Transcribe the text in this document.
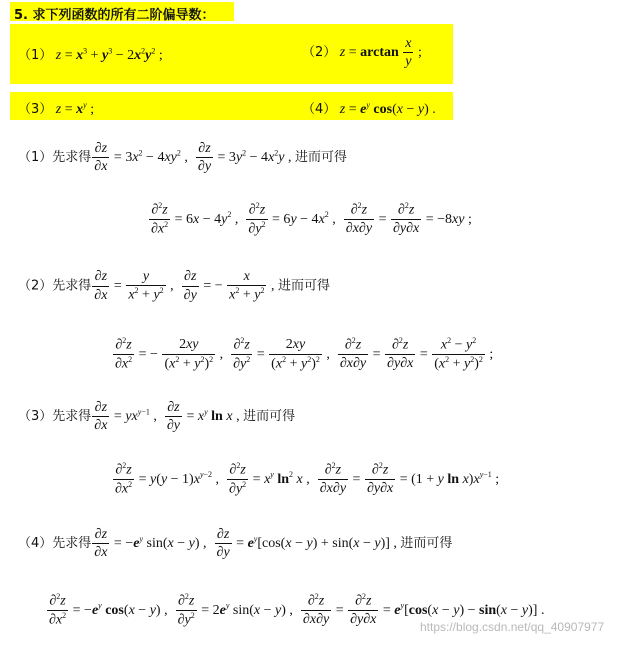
5. 求下列函数的所有二阶偏导数：
（1） $z = x^3 + y^3 - 2x^2y^2$ ;	（2） $z = \arctan \frac{x}{y}$ ;
（3） $z = x^y$ ;	（4） $z = e^y$ cos(x − y) .
（1）先求得 $\frac{\partial z}{\partial x} = 3x^2 - 4xy^2$ , $\frac{\partial z}{\partial y} = 3y^2 - 4x^2y$ , 进而可得
$\frac{\partial^2z}{\partial x^2} = 6x - 4y^2$ , $\frac{\partial^2z}{\partial y^2} = 6y - 4x^2$ , $\frac{\partial^2z}{\partial x\partial y} = \frac{\partial^2z}{\partial y\partial x} = -8xy$ ;
（2）先求得 $\frac{\partial z}{\partial x} = \frac{y}{x^2 + y^2}$ , $\frac{\partial z}{\partial y}$ = − $\frac{x}{x^2 + y^2}$ , 进而可得
$\frac{\partial^2z}{\partial x^2}$ = − $\frac{2xy}{(x^2 + y^2)^2}$ , $\frac{\partial^2z}{\partial y^2} = \frac{2xy}{(x^2 + y^2)^2}$ , $\frac{\partial^2z}{\partial x\partial y} = \frac{\partial^2z}{\partial y\partial x} = \frac{x^2 - y^2}{(x^2 + y^2)^2}$ ;
（3）先求得 $\frac{\partial z}{\partial x} = yx^{y-1}$ , $\frac{\partial z}{\partial y} = x^y$ ln x , 进而可得
$\frac{\partial^2z}{\partial x^2} = y(y - 1)x^{y-2}$ , $\frac{\partial^2z}{\partial y^2} = x^y$ $\ln^2 x$ , $\frac{\partial^2z}{\partial x\partial y} = \frac{\partial^2z}{\partial y\partial x} = (1 + y$ $\ln x)x^{y-1}$ ;
（4）先求得 $\frac{\partial z}{\partial x} = -e^y$ sin(x − y) , $\frac{\partial z}{\partial y} = e^y[\cos(x - y) + \sin(x - y)]$ , 进而可得
$\frac{\partial^2z}{\partial x^2} = -e^y$ cos(x − y) , $\frac{\partial^2z}{\partial y^2} = 2e^y$ sin(x − y) , $\frac{\partial^2z}{\partial x\partial y} = \frac{\partial^2z}{\partial y\partial x} = e^y[\cos(x - y) - \sin(x - y)]$ .
https://blog.csdn.net/qq_40907977
